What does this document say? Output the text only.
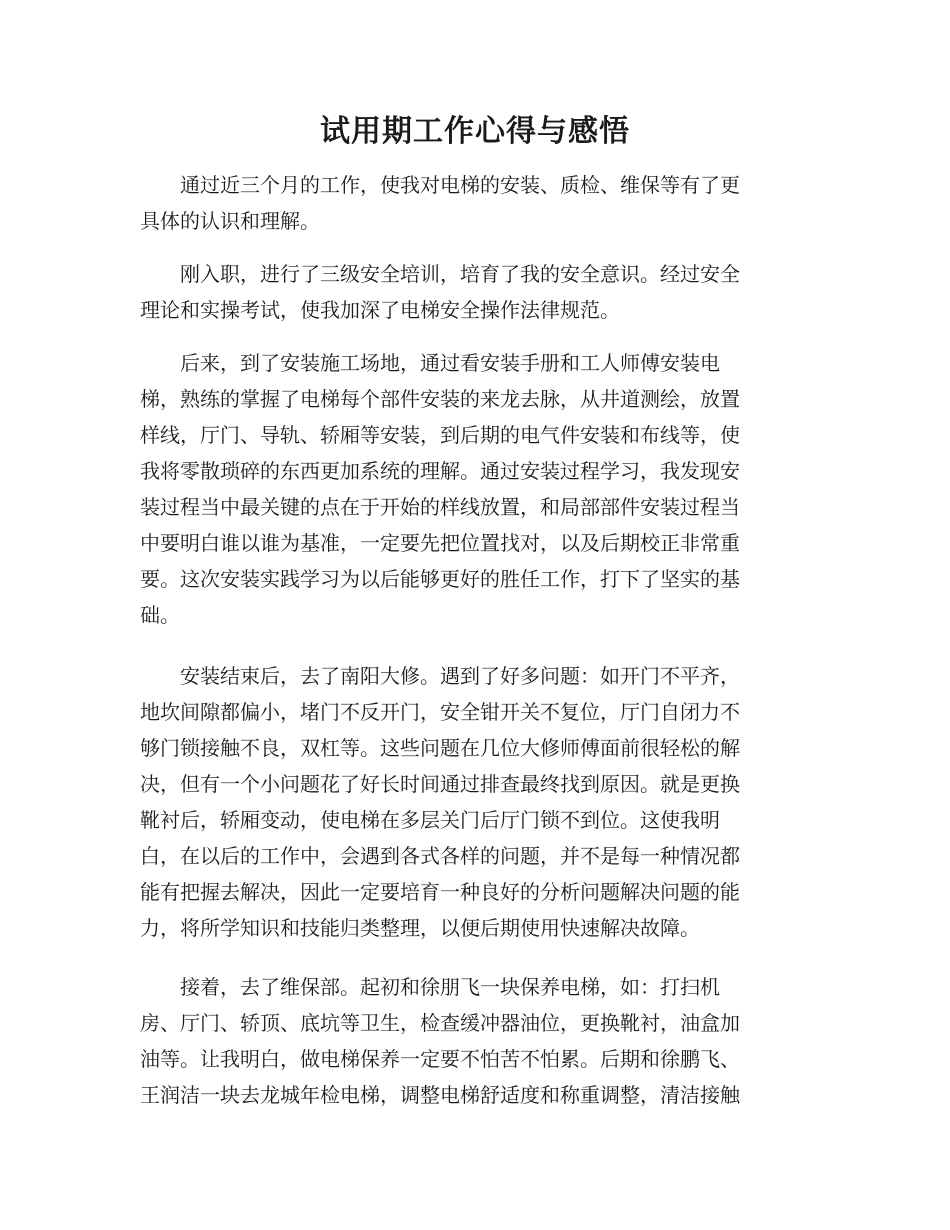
试用期工作心得与感悟
　　通过近三个月的工作，使我对电梯的安装、质检、维保等有了更
具体的认识和理解。
　　刚入职，进行了三级安全培训，培育了我的安全意识。经过安全
理论和实操考试，使我加深了电梯安全操作法律规范。
　　后来，到了安装施工场地，通过看安装手册和工人师傅安装电
梯，熟练的掌握了电梯每个部件安装的来龙去脉，从井道测绘，放置
样线，厅门、导轨、轿厢等安装，到后期的电气件安装和布线等，使
我将零散琐碎的东西更加系统的理解。通过安装过程学习，我发现安
装过程当中最关键的点在于开始的样线放置，和局部部件安装过程当
中要明白谁以谁为基准，一定要先把位置找对，以及后期校正非常重
要。这次安装实践学习为以后能够更好的胜任工作，打下了坚实的基
础。
　　安装结束后，去了南阳大修。遇到了好多问题：如开门不平齐，
地坎间隙都偏小，堵门不反开门，安全钳开关不复位，厅门自闭力不
够门锁接触不良，双杠等。这些问题在几位大修师傅面前很轻松的解
决，但有一个小问题花了好长时间通过排查最终找到原因。就是更换
靴衬后，轿厢变动，使电梯在多层关门后厅门锁不到位。这使我明
白，在以后的工作中，会遇到各式各样的问题，并不是每一种情况都
能有把握去解决，因此一定要培育一种良好的分析问题解决问题的能
力，将所学知识和技能归类整理，以便后期使用快速解决故障。
　　接着，去了维保部。起初和徐朋飞一块保养电梯，如：打扫机
房、厅门、轿顶、底坑等卫生，检查缓冲器油位，更换靴衬，油盒加
油等。让我明白，做电梯保养一定要不怕苦不怕累。后期和徐鹏飞、
王润洁一块去龙城年检电梯，调整电梯舒适度和称重调整，清洁接触
